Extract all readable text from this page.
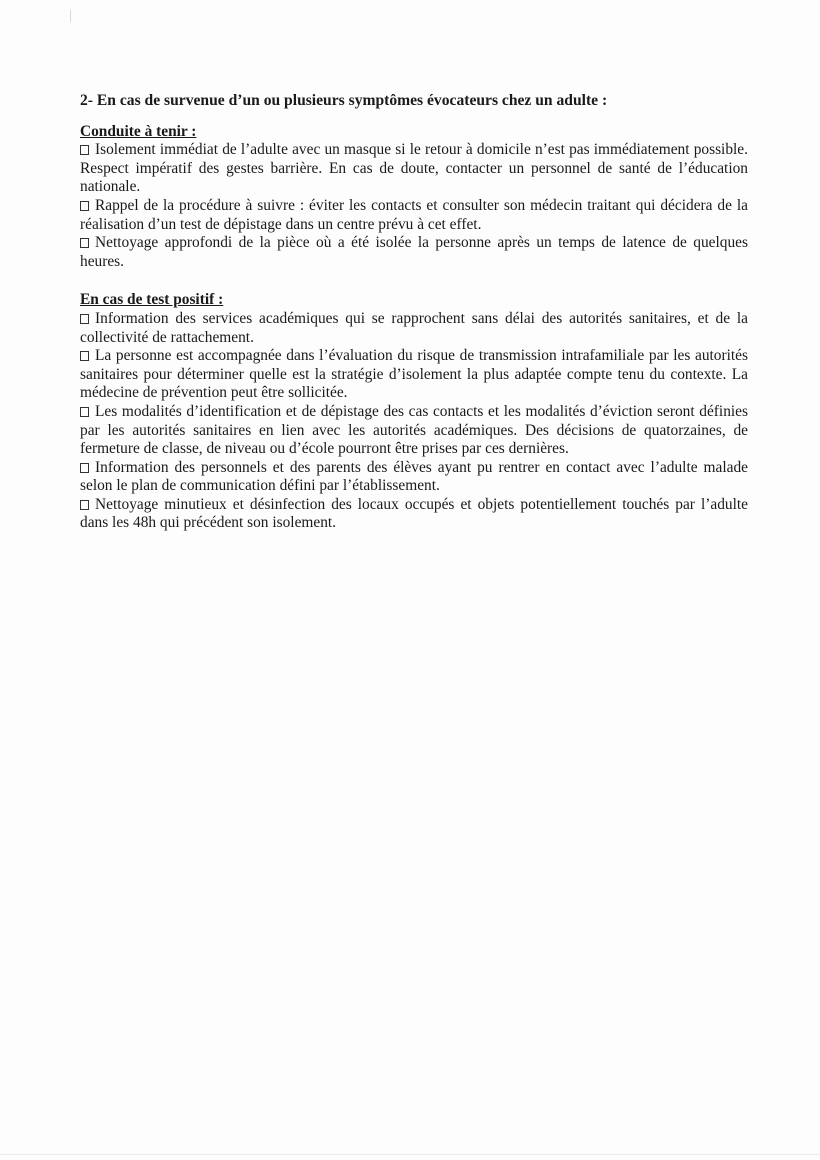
2- En cas de survenue d’un ou plusieurs symptômes évocateurs chez un adulte :

Conduite à tenir :

Isolement immédiat de l’adulte avec un masque si le retour à domicile n’est pas immédiatement possible. Respect impératif des gestes barrière. En cas de doute, contacter un personnel de santé de l’éducation nationale.

Rappel de la procédure à suivre : éviter les contacts et consulter son médecin traitant qui décidera de la réalisation d’un test de dépistage dans un centre prévu à cet effet.

Nettoyage approfondi de la pièce où a été isolée la personne après un temps de latence de quelques heures.

En cas de test positif :

Information des services académiques qui se rapprochent sans délai des autorités sanitaires, et de la collectivité de rattachement.

La personne est accompagnée dans l’évaluation du risque de transmission intrafamiliale par les autorités sanitaires pour déterminer quelle est la stratégie d’isolement la plus adaptée compte tenu du contexte. La médecine de prévention peut être sollicitée.

Les modalités d’identification et de dépistage des cas contacts et les modalités d’éviction seront définies par les autorités sanitaires en lien avec les autorités académiques. Des décisions de quatorzaines, de fermeture de classe, de niveau ou d’école pourront être prises par ces dernières.

Information des personnels et des parents des élèves ayant pu rentrer en contact avec l’adulte malade selon le plan de communication défini par l’établissement.

Nettoyage minutieux et désinfection des locaux occupés et objets potentiellement touchés par l’adulte dans les 48h qui précédent son isolement.
